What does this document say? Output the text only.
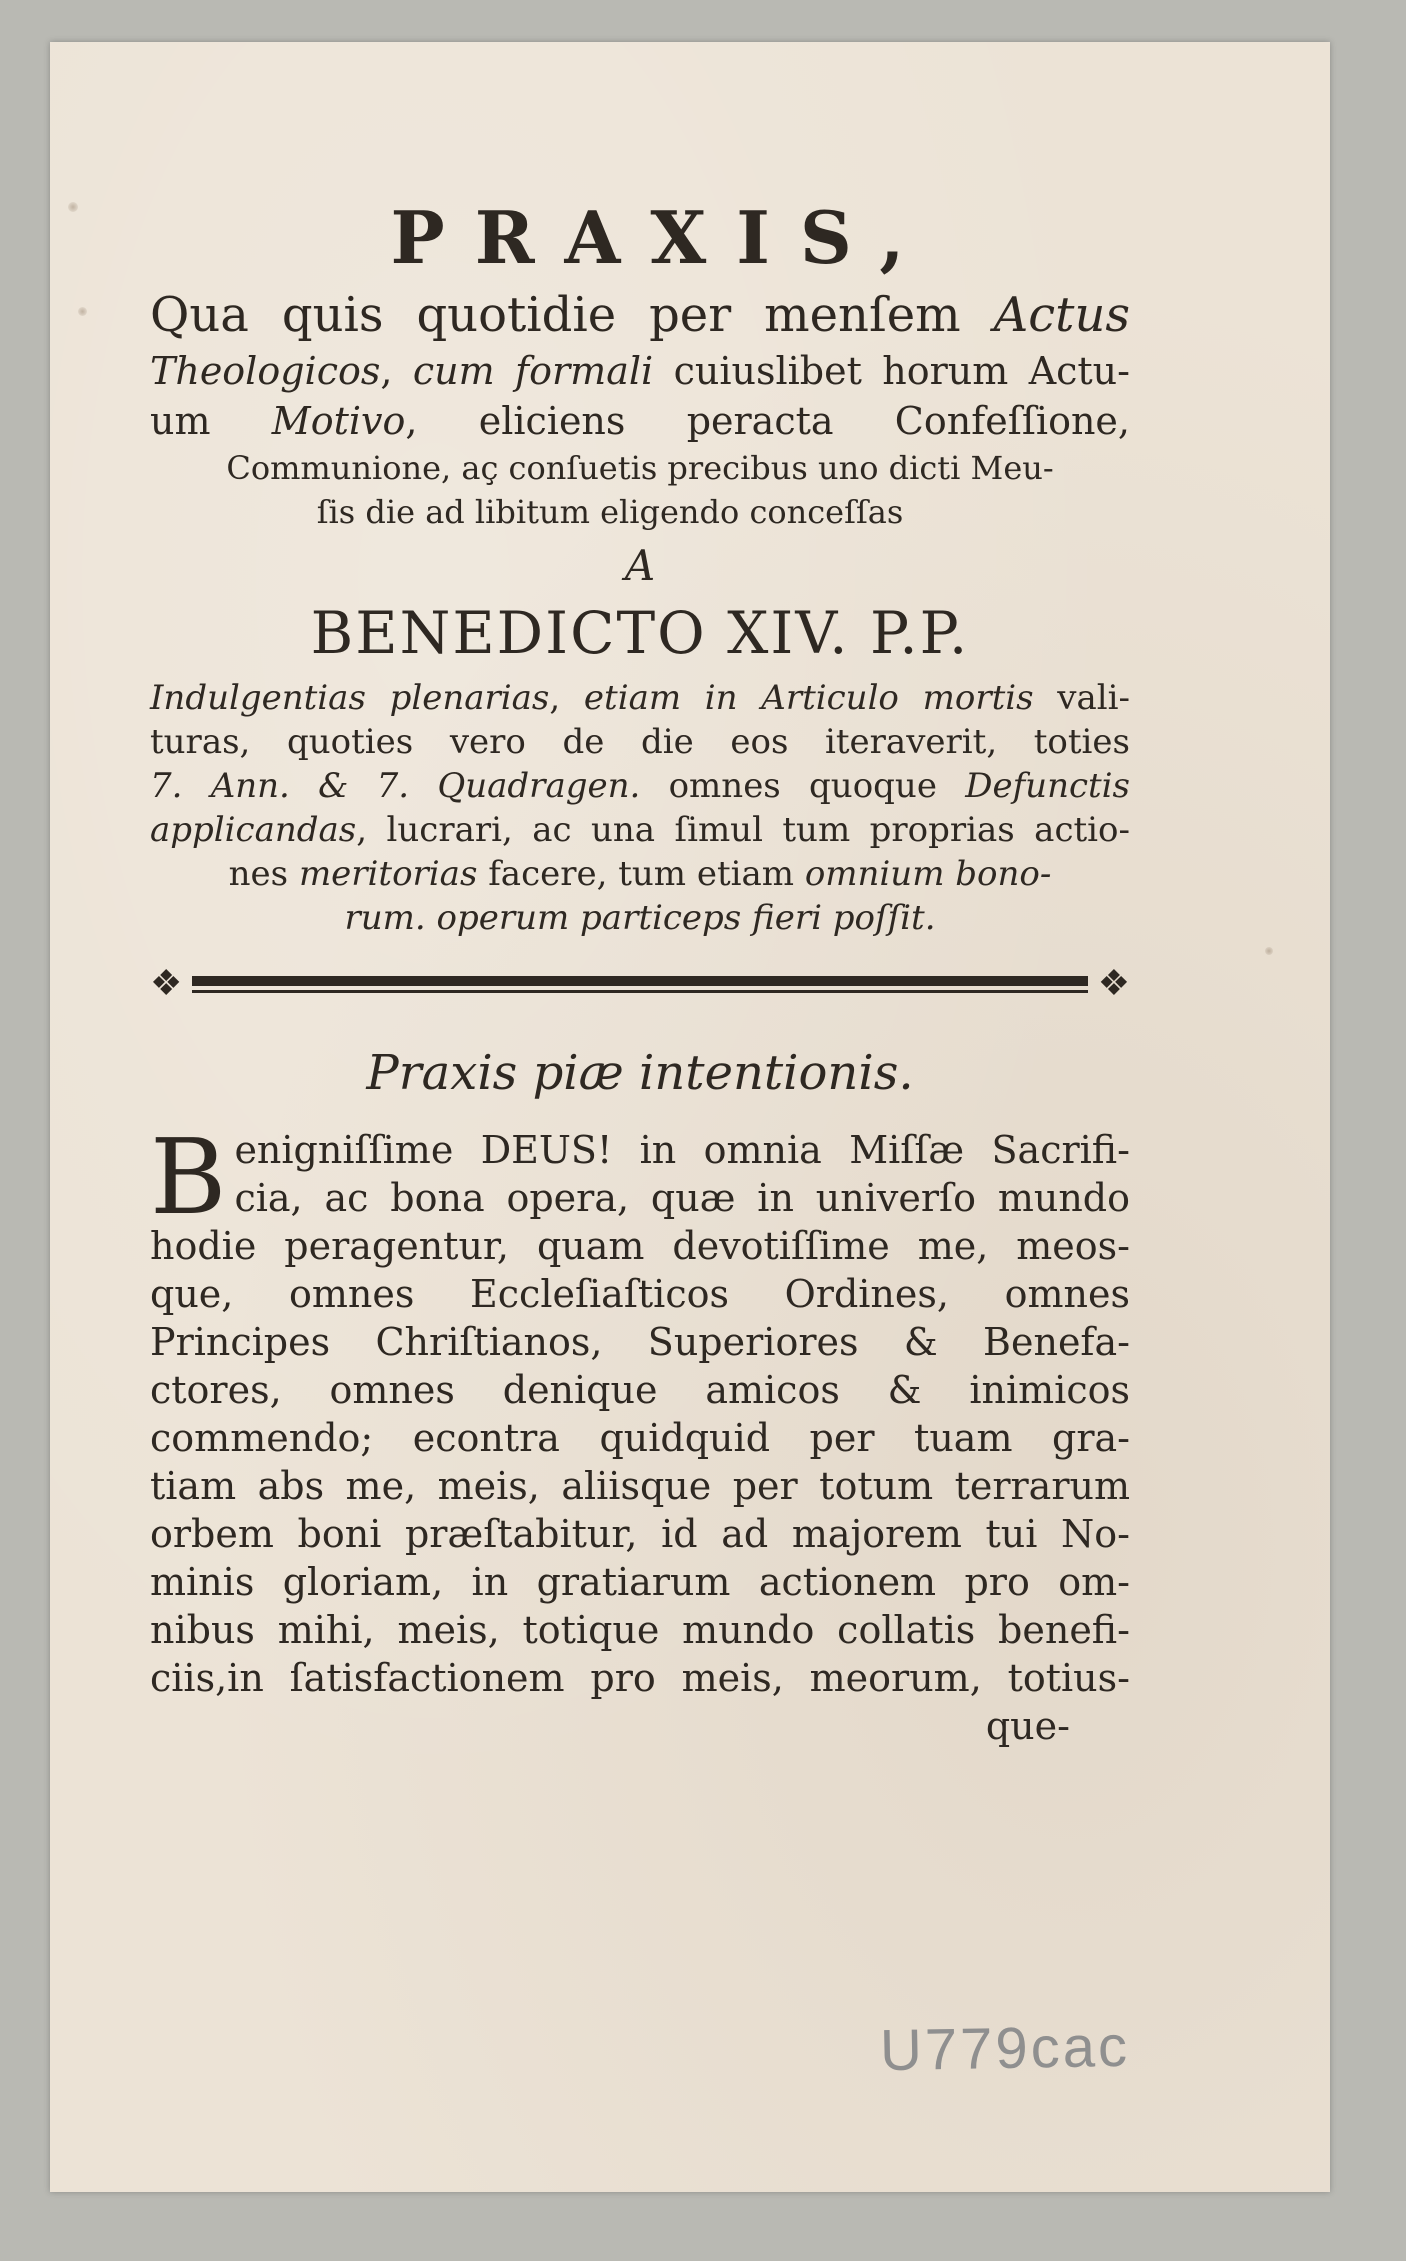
PRAXIS,
Qua quis quotidie per menſem Actus
Theologicos, cum formali cuiuslibet horum Actu-
um Motivo, eliciens peracta Confeſſione,
Communione, aç conſuetis precibus uno dicti Meu-
ſis die ad libitum eligendo conceſſas
A
BENEDICTO XIV. P.P.
Indulgentias plenarias, etiam in Articulo mortis vali-
turas, quoties vero de die eos iteraverit, toties
7. Ann. & 7. Quadragen. omnes quoque Defunctis
applicandas, lucrari, ac una ſimul tum proprias actio-
nes meritorias facere, tum etiam omnium bono-
rum. operum particeps fieri poſſit.
❖	❖
Praxis piæ intentionis.
B enigniſſime DEUS! in omnia Miſſæ Sacrifi-
cia, ac bona opera, quæ in univerſo mundo
hodie peragentur, quam devotiſſime me, meos-
que, omnes Eccleſiaſticos Ordines, omnes
Principes Chriſtianos, Superiores & Benefa-
ctores, omnes denique amicos & inimicos
commendo; econtra quidquid per tuam gra-
tiam abs me, meis, aliisque per totum terrarum
orbem boni præſtabitur, id ad majorem tui No-
minis gloriam, in gratiarum actionem pro om-
nibus mihi, meis, totique mundo collatis benefi-
ciis,in ſatisfactionem pro meis, meorum, totius-
que-
U779cac
